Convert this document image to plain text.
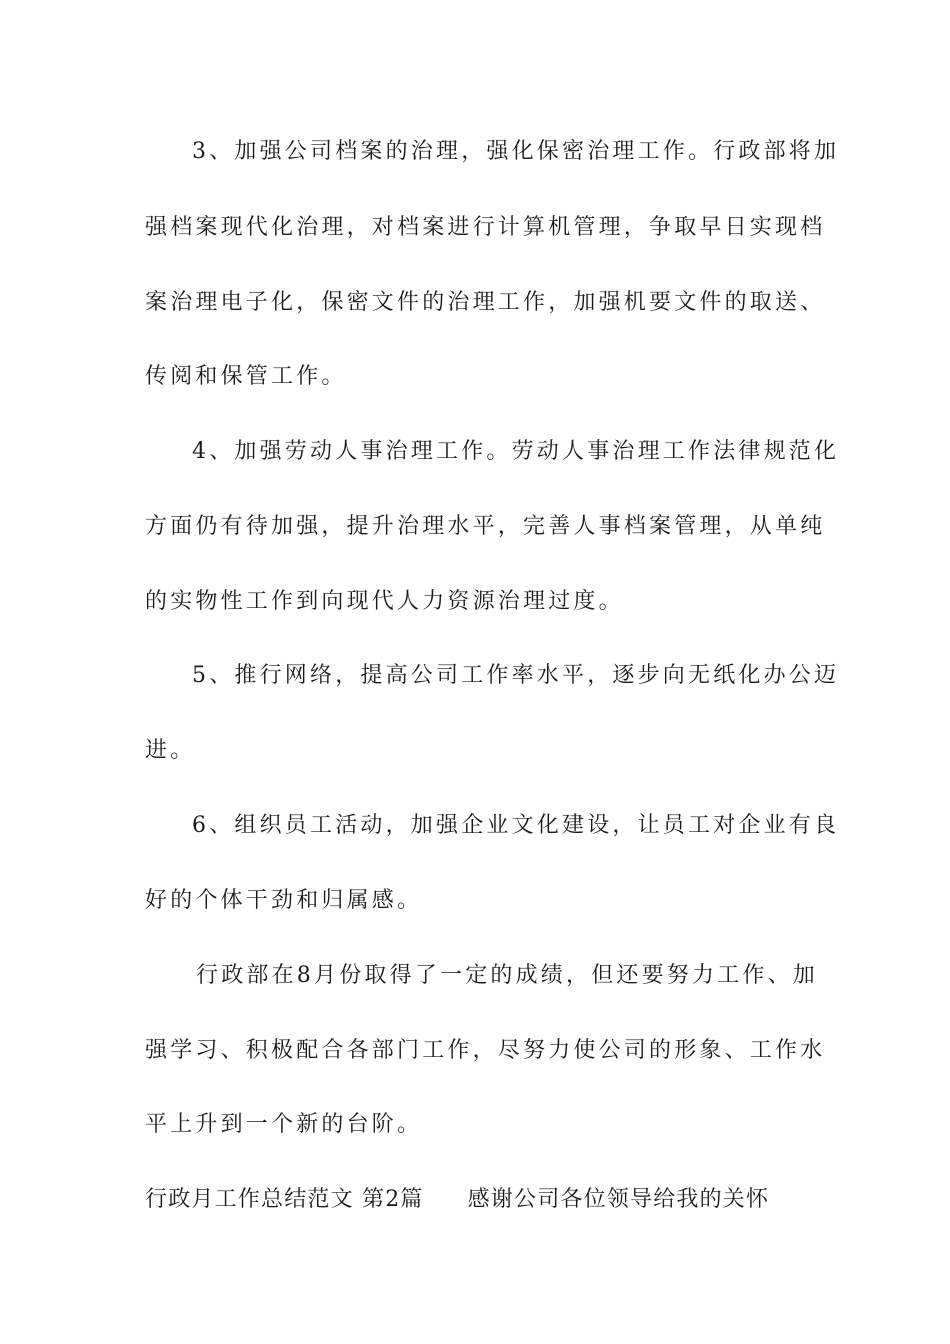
3、加强公司档案的治理，强化保密治理工作。行政部将加
强档案现代化治理，对档案进行计算机管理，争取早日实现档
案治理电子化，保密文件的治理工作，加强机要文件的取送、
传阅和保管工作。
4、加强劳动人事治理工作。劳动人事治理工作法律规范化
方面仍有待加强，提升治理水平，完善人事档案管理，从单纯
的实物性工作到向现代人力资源治理过度。
5、推行网络，提高公司工作率水平，逐步向无纸化办公迈
进。
6、组织员工活动，加强企业文化建设，让员工对企业有良
好的个体干劲和归属感。
行政部在8月份取得了一定的成绩，但还要努力工作、加
强学习、积极配合各部门工作，尽努力使公司的形象、工作水
平上升到一个新的台阶。
行政月工作总结范文 第2篇 感谢公司各位领导给我的关怀
